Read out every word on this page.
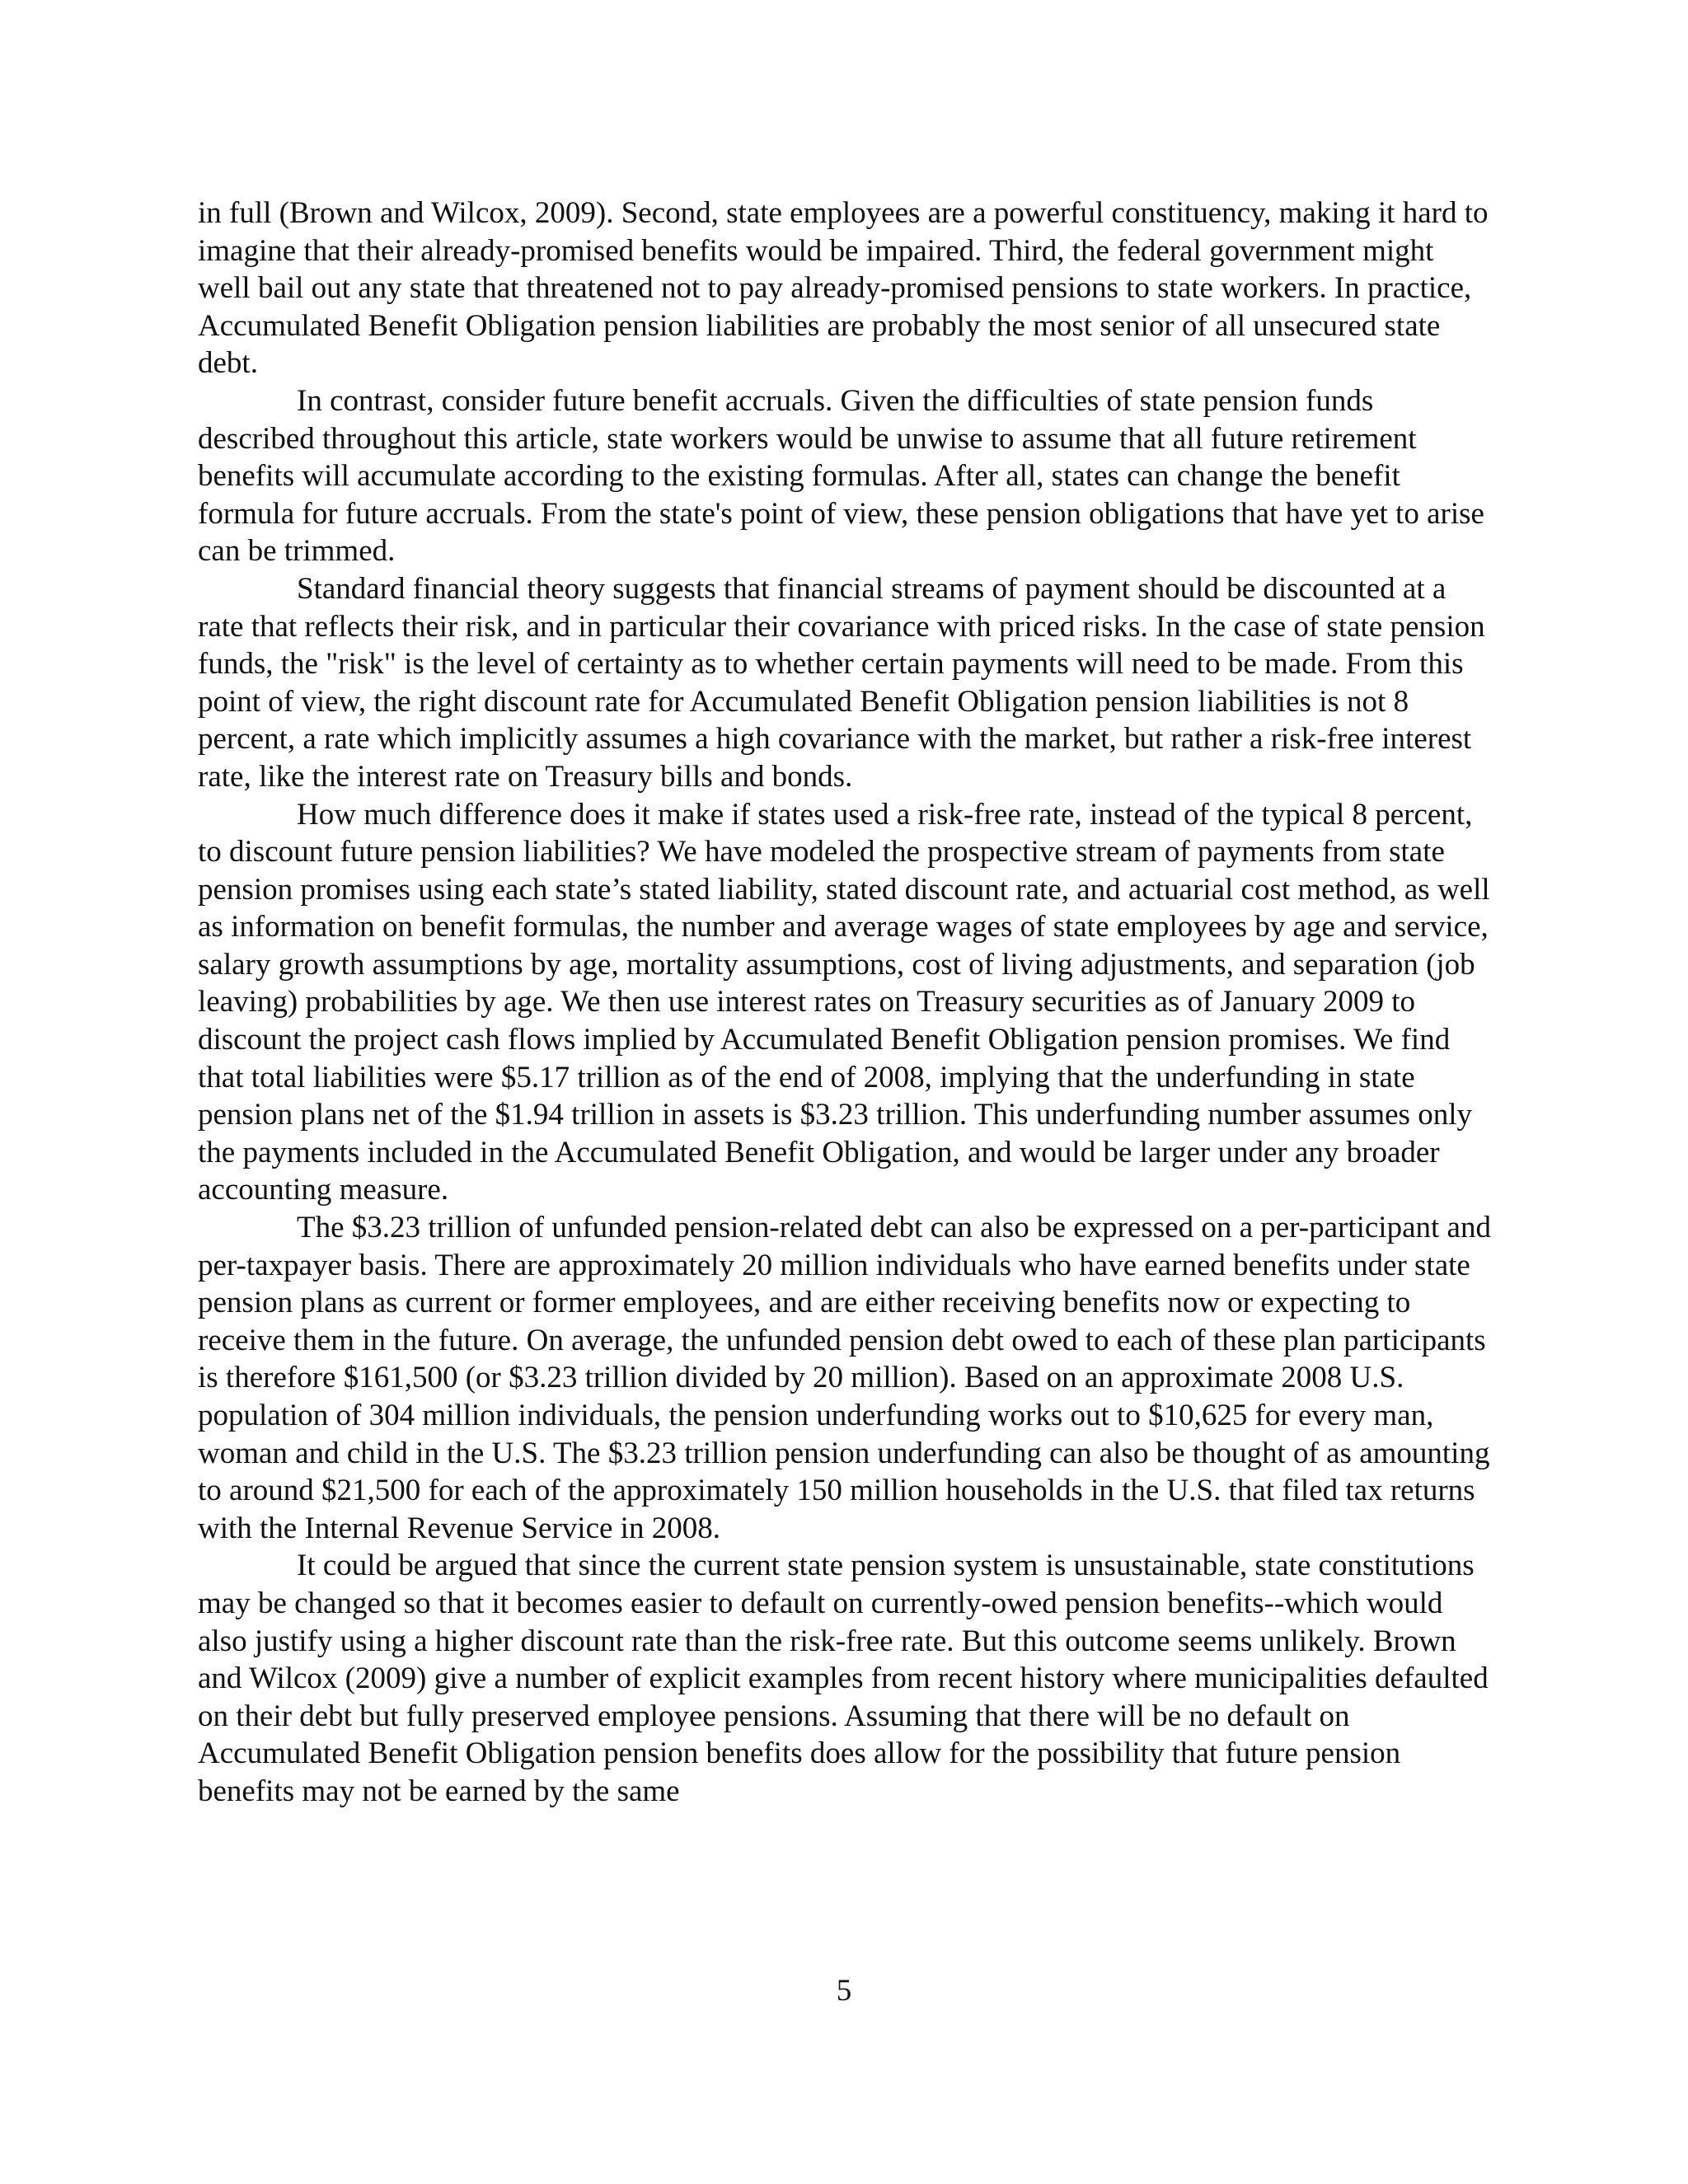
in full (Brown and Wilcox, 2009). Second, state employees are a powerful constituency, making it hard to imagine that their already-promised benefits would be impaired. Third, the federal government might well bail out any state that threatened not to pay already-promised pensions to state workers. In practice, Accumulated Benefit Obligation pension liabilities are probably the most senior of all unsecured state debt.

In contrast, consider future benefit accruals. Given the difficulties of state pension funds described throughout this article, state workers would be unwise to assume that all future retirement benefits will accumulate according to the existing formulas. After all, states can change the benefit formula for future accruals. From the state's point of view, these pension obligations that have yet to arise can be trimmed.

Standard financial theory suggests that financial streams of payment should be discounted at a rate that reflects their risk, and in particular their covariance with priced risks. In the case of state pension funds, the "risk" is the level of certainty as to whether certain payments will need to be made. From this point of view, the right discount rate for Accumulated Benefit Obligation pension liabilities is not 8 percent, a rate which implicitly assumes a high covariance with the market, but rather a risk-free interest rate, like the interest rate on Treasury bills and bonds.

How much difference does it make if states used a risk-free rate, instead of the typical 8 percent, to discount future pension liabilities? We have modeled the prospective stream of payments from state pension promises using each state’s stated liability, stated discount rate, and actuarial cost method, as well as information on benefit formulas, the number and average wages of state employees by age and service, salary growth assumptions by age, mortality assumptions, cost of living adjustments, and separation (job leaving) probabilities by age. We then use interest rates on Treasury securities as of January 2009 to discount the project cash flows implied by Accumulated Benefit Obligation pension promises. We find that total liabilities were $5.17 trillion as of the end of 2008, implying that the underfunding in state pension plans net of the $1.94 trillion in assets is $3.23 trillion. This underfunding number assumes only the payments included in the Accumulated Benefit Obligation, and would be larger under any broader accounting measure.

The $3.23 trillion of unfunded pension-related debt can also be expressed on a per-participant and per-taxpayer basis. There are approximately 20 million individuals who have earned benefits under state pension plans as current or former employees, and are either receiving benefits now or expecting to receive them in the future. On average, the unfunded pension debt owed to each of these plan participants is therefore $161,500 (or $3.23 trillion divided by 20 million). Based on an approximate 2008 U.S. population of 304 million individuals, the pension underfunding works out to $10,625 for every man, woman and child in the U.S. The $3.23 trillion pension underfunding can also be thought of as amounting to around $21,500 for each of the approximately 150 million households in the U.S. that filed tax returns with the Internal Revenue Service in 2008.

It could be argued that since the current state pension system is unsustainable, state constitutions may be changed so that it becomes easier to default on currently-owed pension benefits--which would also justify using a higher discount rate than the risk-free rate. But this outcome seems unlikely. Brown and Wilcox (2009) give a number of explicit examples from recent history where municipalities defaulted on their debt but fully preserved employee pensions. Assuming that there will be no default on Accumulated Benefit Obligation pension benefits does allow for the possibility that future pension benefits may not be earned by the same

5
